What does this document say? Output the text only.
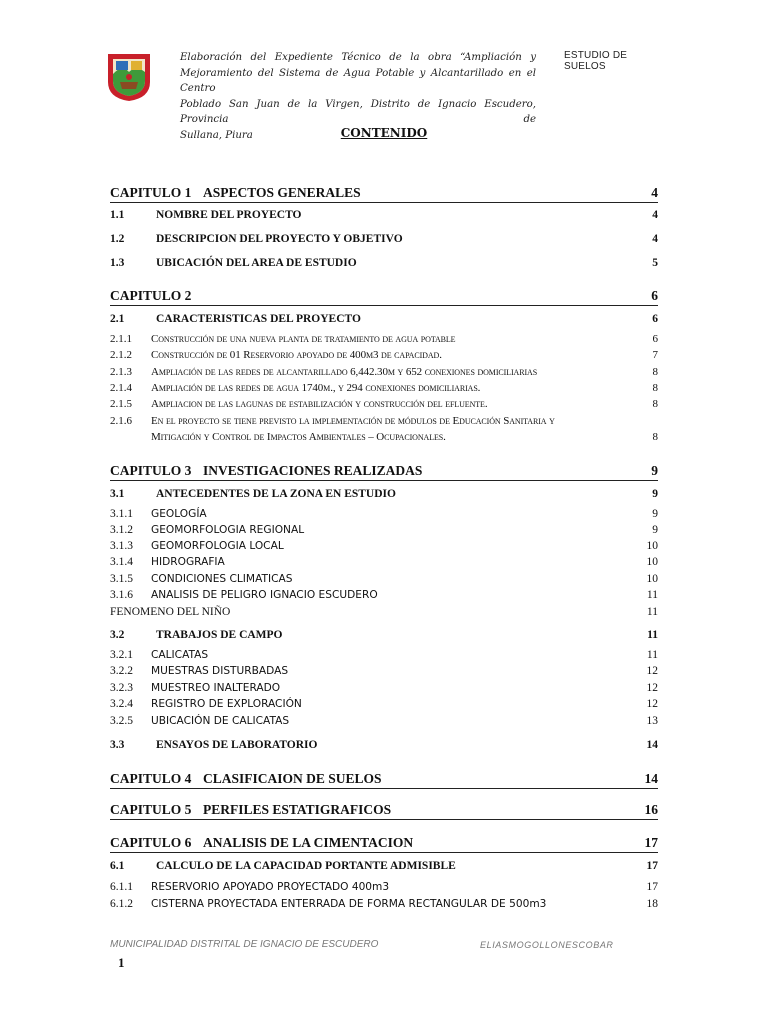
Elaboración del Expediente Técnico de la obra “Ampliación y
Mejoramiento del Sistema de Agua Potable y Alcantarillado en el Centro
Poblado San Juan de la Virgen, Distrito de Ignacio Escudero, Provincia de
Sullana, Piura
ESTUDIO DE SUELOS
CONTENIDO
CAPITULO 1 ASPECTOS GENERALES	4
1.1	NOMBRE DEL PROYECTO	4
1.2	DESCRIPCION DEL PROYECTO Y OBJETIVO	4
1.3	UBICACIÓN DEL AREA DE ESTUDIO	5
CAPITULO 2	6
2.1	CARACTERISTICAS DEL PROYECTO	6
2.1.1 Construcción de una nueva planta de tratamiento de agua potable	6
2.1.2 Construcción de 01 Reservorio apoyado de 400m3 de capacidad.	7
2.1.3 Ampliación de las redes de alcantarillado 6,442.30m y 652 conexiones domiciliarias	8
2.1.4 Ampliación de las redes de agua 1740m., y 294 conexiones domiciliarias.	8
2.1.5 Ampliacion de las lagunas de estabilización y construcción del efluente.	8
2.1.6 En el proyecto se tiene previsto la implementación de módulos de Educación Sanitaria y
Mitigación y Control de Impactos Ambientales – Ocupacionales.	8
CAPITULO 3 INVESTIGACIONES REALIZADAS	9
3.1	ANTECEDENTES DE LA ZONA EN ESTUDIO	9
3.1.1 GEOLOGÍA	9
3.1.2 GEOMORFOLOGIA REGIONAL	9
3.1.3 GEOMORFOLOGIA LOCAL	10
3.1.4 HIDROGRAFIA	10
3.1.5 CONDICIONES CLIMATICAS	10
3.1.6 ANALISIS DE PELIGRO IGNACIO ESCUDERO	11
FENOMENO DEL NIÑO	11
3.2	TRABAJOS DE CAMPO	11
3.2.1 CALICATAS	11
3.2.2 MUESTRAS DISTURBADAS	12
3.2.3 MUESTREO INALTERADO	12
3.2.4 REGISTRO DE EXPLORACIÓN	12
3.2.5 UBICACIÓN DE CALICATAS	13
3.3	ENSAYOS DE LABORATORIO	14
CAPITULO 4 CLASIFICAION DE SUELOS	14
CAPITULO 5 PERFILES ESTATIGRAFICOS	16
CAPITULO 6 ANALISIS DE LA CIMENTACION	17
6.1	CALCULO DE LA CAPACIDAD PORTANTE ADMISIBLE	17
6.1.1 RESERVORIO APOYADO PROYECTADO 400m3	17
6.1.2 CISTERNA PROYECTADA ENTERRADA DE FORMA RECTANGULAR DE 500m3	18
MUNICIPALIDAD DISTRITAL DE IGNACIO DE ESCUDERO	ELIASMOGOLLONESCOBAR
1
